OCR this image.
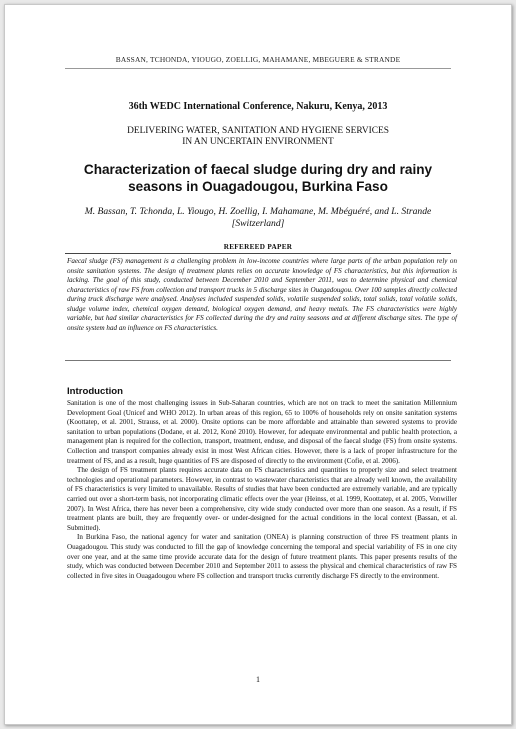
BASSAN, TCHONDA, YIOUGO, ZOELLIG, MAHAMANE, MBEGUERE & STRANDE
36th WEDC International Conference, Nakuru, Kenya, 2013
DELIVERING WATER, SANITATION AND HYGIENE SERVICES
IN AN UNCERTAIN ENVIRONMENT
Characterization of faecal sludge during dry and rainy seasons in Ouagadougou, Burkina Faso
M. Bassan, T. Tchonda, L. Yiougo, H. Zoellig, I. Mahamane, M. Mbéguéré, and L. Strande [Switzerland]
REFEREED PAPER
Faecal sludge (FS) management is a challenging problem in low-income countries where large parts of the urban population rely on onsite sanitation systems. The design of treatment plants relies on accurate knowledge of FS characteristics, but this information is lacking. The goal of this study, conducted between December 2010 and September 2011, was to determine physical and chemical characteristics of raw FS from collection and transport trucks in 5 discharge sites in Ouagadougou. Over 100 samples directly collected during truck discharge were analysed. Analyses included suspended solids, volatile suspended solids, total solids, total volatile solids, sludge volume index, chemical oxygen demand, biological oxygen demand, and heavy metals. The FS characteristics were highly variable, but had similar characteristics for FS collected during the dry and rainy seasons and at different discharge sites. The type of onsite system had an influence on FS characteristics.
Introduction

Sanitation is one of the most challenging issues in Sub-Saharan countries, which are not on track to meet the sanitation Millennium Development Goal (Unicef and WHO 2012). In urban areas of this region, 65 to 100% of households rely on onsite sanitation systems (Koottatep, et al. 2001, Strauss, et al. 2000). Onsite options can be more affordable and attainable than sewered systems to provide sanitation to urban populations (Dodane, et al. 2012, Koné 2010). However, for adequate environmental and public health protection, a management plan is required for the collection, transport, treatment, enduse, and disposal of the faecal sludge (FS) from onsite systems. Collection and transport companies already exist in most West African cities. However, there is a lack of proper infrastructure for the treatment of FS, and as a result, huge quantities of FS are disposed of directly to the environment (Cofie, et al. 2006).

The design of FS treatment plants requires accurate data on FS characteristics and quantities to properly size and select treatment technologies and operational parameters. However, in contrast to wastewater characteristics that are already well known, the availability of FS characteristics is very limited to unavailable. Results of studies that have been conducted are extremely variable, and are typically carried out over a short-term basis, not incorporating climatic effects over the year (Heinss, et al. 1999, Koottatep, et al. 2005, Vonwiller 2007). In West Africa, there has never been a comprehensive, city wide study conducted over more than one season. As a result, if FS treatment plants are built, they are frequently over- or under-designed for the actual conditions in the local context (Bassan, et al. Submitted).

In Burkina Faso, the national agency for water and sanitation (ONEA) is planning construction of three FS treatment plants in Ouagadougou. This study was conducted to fill the gap of knowledge concerning the temporal and special variability of FS in one city over one year, and at the same time provide accurate data for the design of future treatment plants. This paper presents results of the study, which was conducted between December 2010 and September 2011 to assess the physical and chemical characteristics of raw FS collected in five sites in Ouagadougou where FS collection and transport trucks currently discharge FS directly to the environment.

1
